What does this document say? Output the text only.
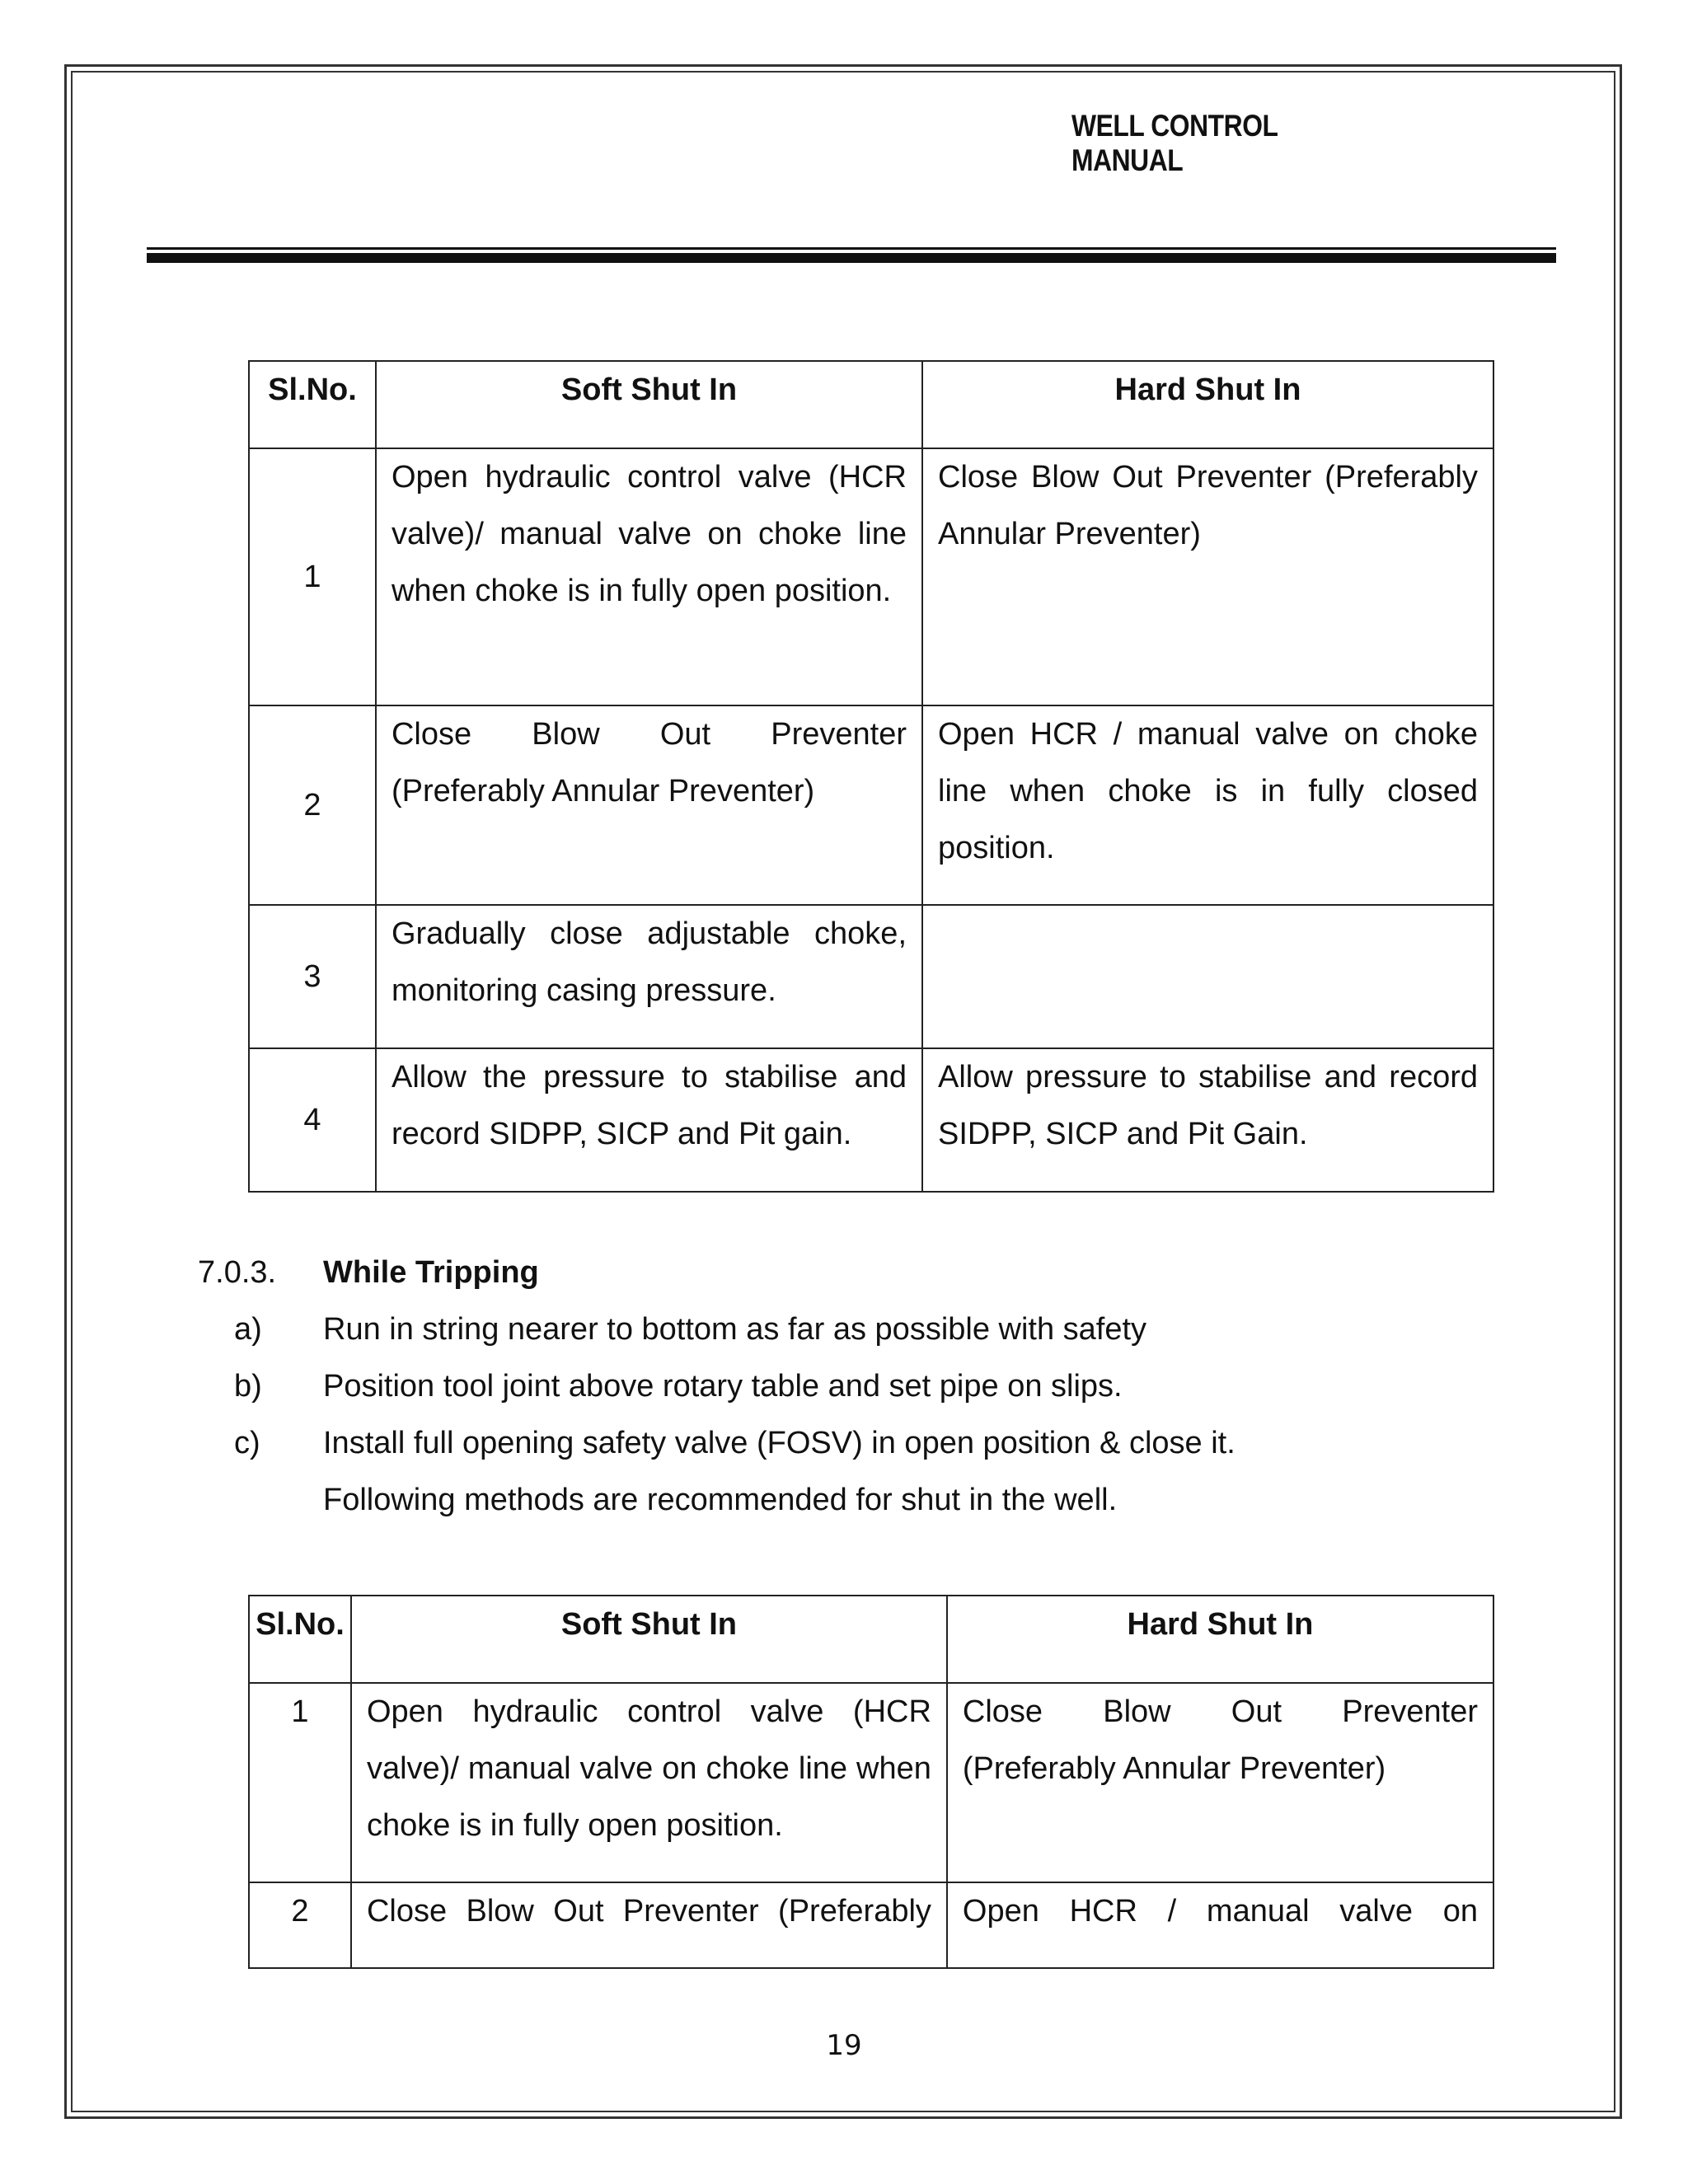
WELL CONTROL MANUAL
Sl.No.	Soft Shut In	Hard Shut In
1	Open hydraulic control valve (HCR valve)/ manual valve on choke line when choke is in fully open position.	Close Blow Out Preventer (Preferably Annular Preventer)
2	Close Blow Out Preventer (Preferably Annular Preventer)	Open HCR / manual valve on choke line when choke is in fully closed position.
3	Gradually close adjustable choke, monitoring casing pressure.	
4	Allow the pressure to stabilise and record SIDPP, SICP and Pit gain.	Allow pressure to stabilise and record SIDPP, SICP and Pit Gain.
7.0.3.	While Tripping
a) Run in string nearer to bottom as far as possible with safety
b) Position tool joint above rotary table and set pipe on slips.
c) Install full opening safety valve (FOSV) in open position & close it. Following methods are recommended for shut in the well.
Sl.No.	Soft Shut In	Hard Shut In
1	Open hydraulic control valve (HCR valve)/ manual valve on choke line when choke is in fully open position.	Close Blow Out Preventer (Preferably Annular Preventer)
2	Close Blow Out Preventer (Preferably	Open HCR / manual valve on
19
